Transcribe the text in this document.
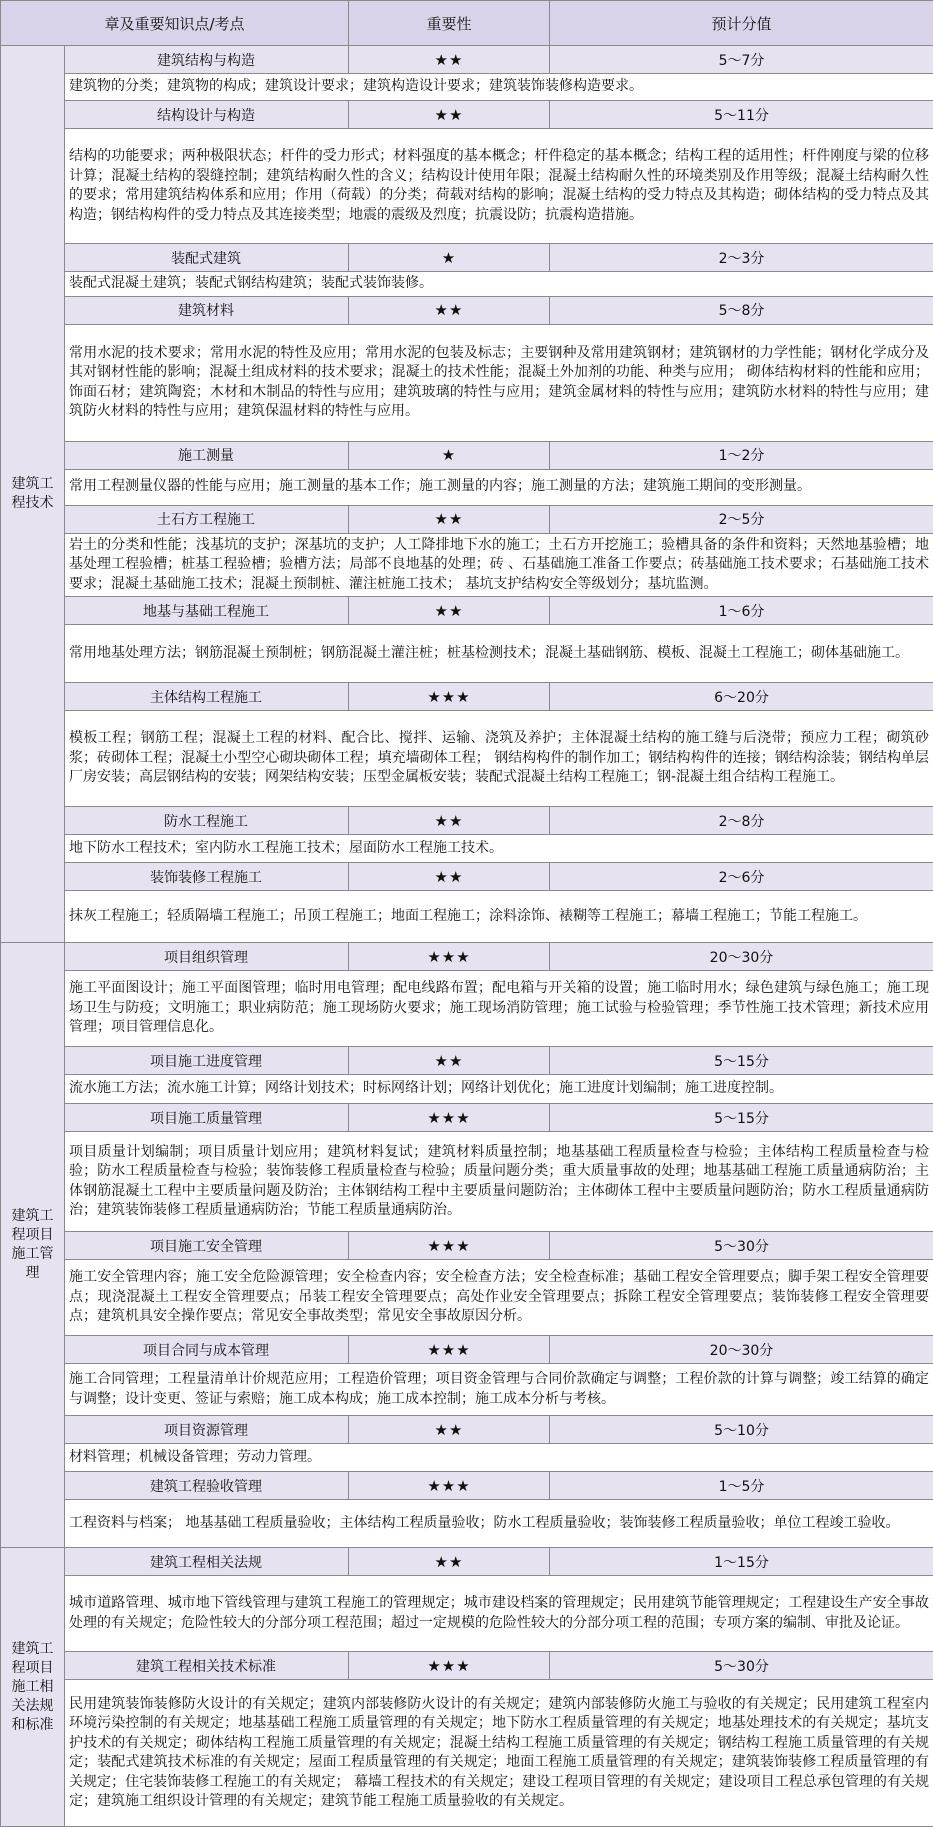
章及重要知识点/考点		重要性	预计分值
建筑工程技术	建筑结构与构造	★★	5～7分
	建筑物的分类；建筑物的构成；建筑设计要求；建筑构造设计要求；建筑装饰装修构造要求。		
	结构设计与构造	★★	5～11分
	结构的功能要求；两种极限状态；杆件的受力形式；材料强度的基本概念；杆件稳定的基本概念；结构工程的适用性；杆件刚度与梁的位移计算；混凝土结构的裂缝控制；建筑结构耐久性的含义；结构设计使用年限；混凝土结构耐久性的环境类别及作用等级；混凝土结构耐久性的要求；常用建筑结构体系和应用；作用（荷载）的分类；荷载对结构的影响；混凝土结构的受力特点及其构造；砌体结构的受力特点及其构造；钢结构构件的受力特点及其连接类型；地震的震级及烈度；抗震设防；抗震构造措施。		
	装配式建筑	★	2～3分
	装配式混凝土建筑；装配式钢结构建筑；装配式装饰装修。		
	建筑材料	★★	5～8分
	常用水泥的技术要求；常用水泥的特性及应用；常用水泥的包装及标志；主要钢种及常用建筑钢材；建筑钢材的力学性能；钢材化学成分及其对钢材性能的影响；混凝土组成材料的技术要求；混凝土的技术性能；混凝土外加剂的功能、种类与应用； 砌体结构材料的性能和应用；饰面石材；建筑陶瓷；木材和木制品的特性与应用；建筑玻璃的特性与应用；建筑金属材料的特性与应用；建筑防水材料的特性与应用；建筑防火材料的特性与应用；建筑保温材料的特性与应用。		
	施工测量	★	1～2分
	常用工程测量仪器的性能与应用；施工测量的基本工作；施工测量的内容；施工测量的方法；建筑施工期间的变形测量。		
	土石方工程施工	★★	2～5分
	岩土的分类和性能；浅基坑的支护；深基坑的支护；人工降排地下水的施工；土石方开挖施工；验槽具备的条件和资料；天然地基验槽；地基处理工程验槽；桩基工程验槽；验槽方法；局部不良地基的处理；砖 、石基础施工准备工作要点；砖基础施工技术要求；石基础施工技术要求；混凝土基础施工技术；混凝土预制桩、灌注桩施工技术； 基坑支护结构安全等级划分；基坑监测。		
	地基与基础工程施工	★★	1～6分
	常用地基处理方法；钢筋混凝土预制桩；钢筋混凝土灌注桩；桩基检测技术；混凝土基础钢筋、模板、混凝土工程施工；砌体基础施工。		
	主体结构工程施工	★★★	6～20分
	模板工程；钢筋工程；混凝土工程的材料、配合比、搅拌、运输、浇筑及养护；主体混凝土结构的施工缝与后浇带；预应力工程；砌筑砂浆；砖砌体工程；混凝土小型空心砌块砌体工程；填充墙砌体工程； 钢结构构件的制作加工；钢结构构件的连接；钢结构涂装；钢结构单层厂房安装；高层钢结构的安装；网架结构安装；压型金属板安装；装配式混凝土结构工程施工；钢-混凝土组合结构工程施工。		
	防水工程施工	★★	2～8分
	地下防水工程技术；室内防水工程施工技术；屋面防水工程施工技术。		
	装饰装修工程施工	★★	2～6分
	抹灰工程施工；轻质隔墙工程施工；吊顶工程施工；地面工程施工；涂料涂饰、裱糊等工程施工；幕墙工程施工；节能工程施工。		
建筑工程项目施工管理	项目组织管理	★★★	20～30分
	施工平面图设计；施工平面图管理；临时用电管理；配电线路布置；配电箱与开关箱的设置；施工临时用水；绿色建筑与绿色施工；施工现场卫生与防疫；文明施工；职业病防范；施工现场防火要求；施工现场消防管理；施工试验与检验管理；季节性施工技术管理；新技术应用管理；项目管理信息化。		
	项目施工进度管理	★★	5～15分
	流水施工方法；流水施工计算；网络计划技术；时标网络计划；网络计划优化；施工进度计划编制；施工进度控制。		
	项目施工质量管理	★★★	5～15分
	项目质量计划编制；项目质量计划应用；建筑材料复试；建筑材料质量控制；地基基础工程质量检查与检验；主体结构工程质量检查与检验；防水工程质量检查与检验；装饰装修工程质量检查与检验；质量问题分类；重大质量事故的处理；地基基础工程施工质量通病防治；主体钢筋混凝土工程中主要质量问题及防治；主体钢结构工程中主要质量问题防治；主体砌体工程中主要质量问题防治；防水工程质量通病防治；建筑装饰装修工程质量通病防治；节能工程质量通病防治。		
	项目施工安全管理	★★★	5～30分
	施工安全管理内容；施工安全危险源管理；安全检查内容；安全检查方法；安全检查标准；基础工程安全管理要点；脚手架工程安全管理要点；现浇混凝土工程安全管理要点；吊装工程安全管理要点；高处作业安全管理要点；拆除工程安全管理要点；装饰装修工程安全管理要点；建筑机具安全操作要点；常见安全事故类型；常见安全事故原因分析。		
	项目合同与成本管理	★★★	20～30分
	施工合同管理；工程量清单计价规范应用；工程造价管理；项目资金管理与合同价款确定与调整；工程价款的计算与调整；竣工结算的确定与调整；设计变更、签证与索赔；施工成本构成；施工成本控制；施工成本分析与考核。		
	项目资源管理	★★	5～10分
	材料管理；机械设备管理；劳动力管理。		
	建筑工程验收管理	★★★	1～5分
	工程资料与档案； 地基基础工程质量验收；主体结构工程质量验收；防水工程质量验收；装饰装修工程质量验收；单位工程竣工验收。		
建筑工程项目施工相关法规和标准	建筑工程相关法规	★★	1～15分
	城市道路管理、城市地下管线管理与建筑工程施工的管理规定；城市建设档案的管理规定；民用建筑节能管理规定；工程建设生产安全事故处理的有关规定；危险性较大的分部分项工程范围；超过一定规模的危险性较大的分部分项工程的范围；专项方案的编制、审批及论证。		
	建筑工程相关技术标准	★★★	5～30分
	民用建筑装饰装修防火设计的有关规定；建筑内部装修防火设计的有关规定；建筑内部装修防火施工与验收的有关规定；民用建筑工程室内环境污染控制的有关规定；地基基础工程施工质量管理的有关规定；地下防水工程质量管理的有关规定；地基处理技术的有关规定；基坑支护技术的有关规定；砌体结构工程施工质量管理的有关规定；混凝土结构工程施工质量管理的有关规定；钢结构工程施工质量管理的有关规定；装配式建筑技术标准的有关规定；屋面工程质量管理的有关规定；地面工程施工质量管理的有关规定；建筑装饰装修工程质量管理的有关规定；住宅装饰装修工程施工的有关规定； 幕墙工程技术的有关规定；建设工程项目管理的有关规定；建设项目工程总承包管理的有关规定；建筑施工组织设计管理的有关规定；建筑节能工程施工质量验收的有关规定。		
